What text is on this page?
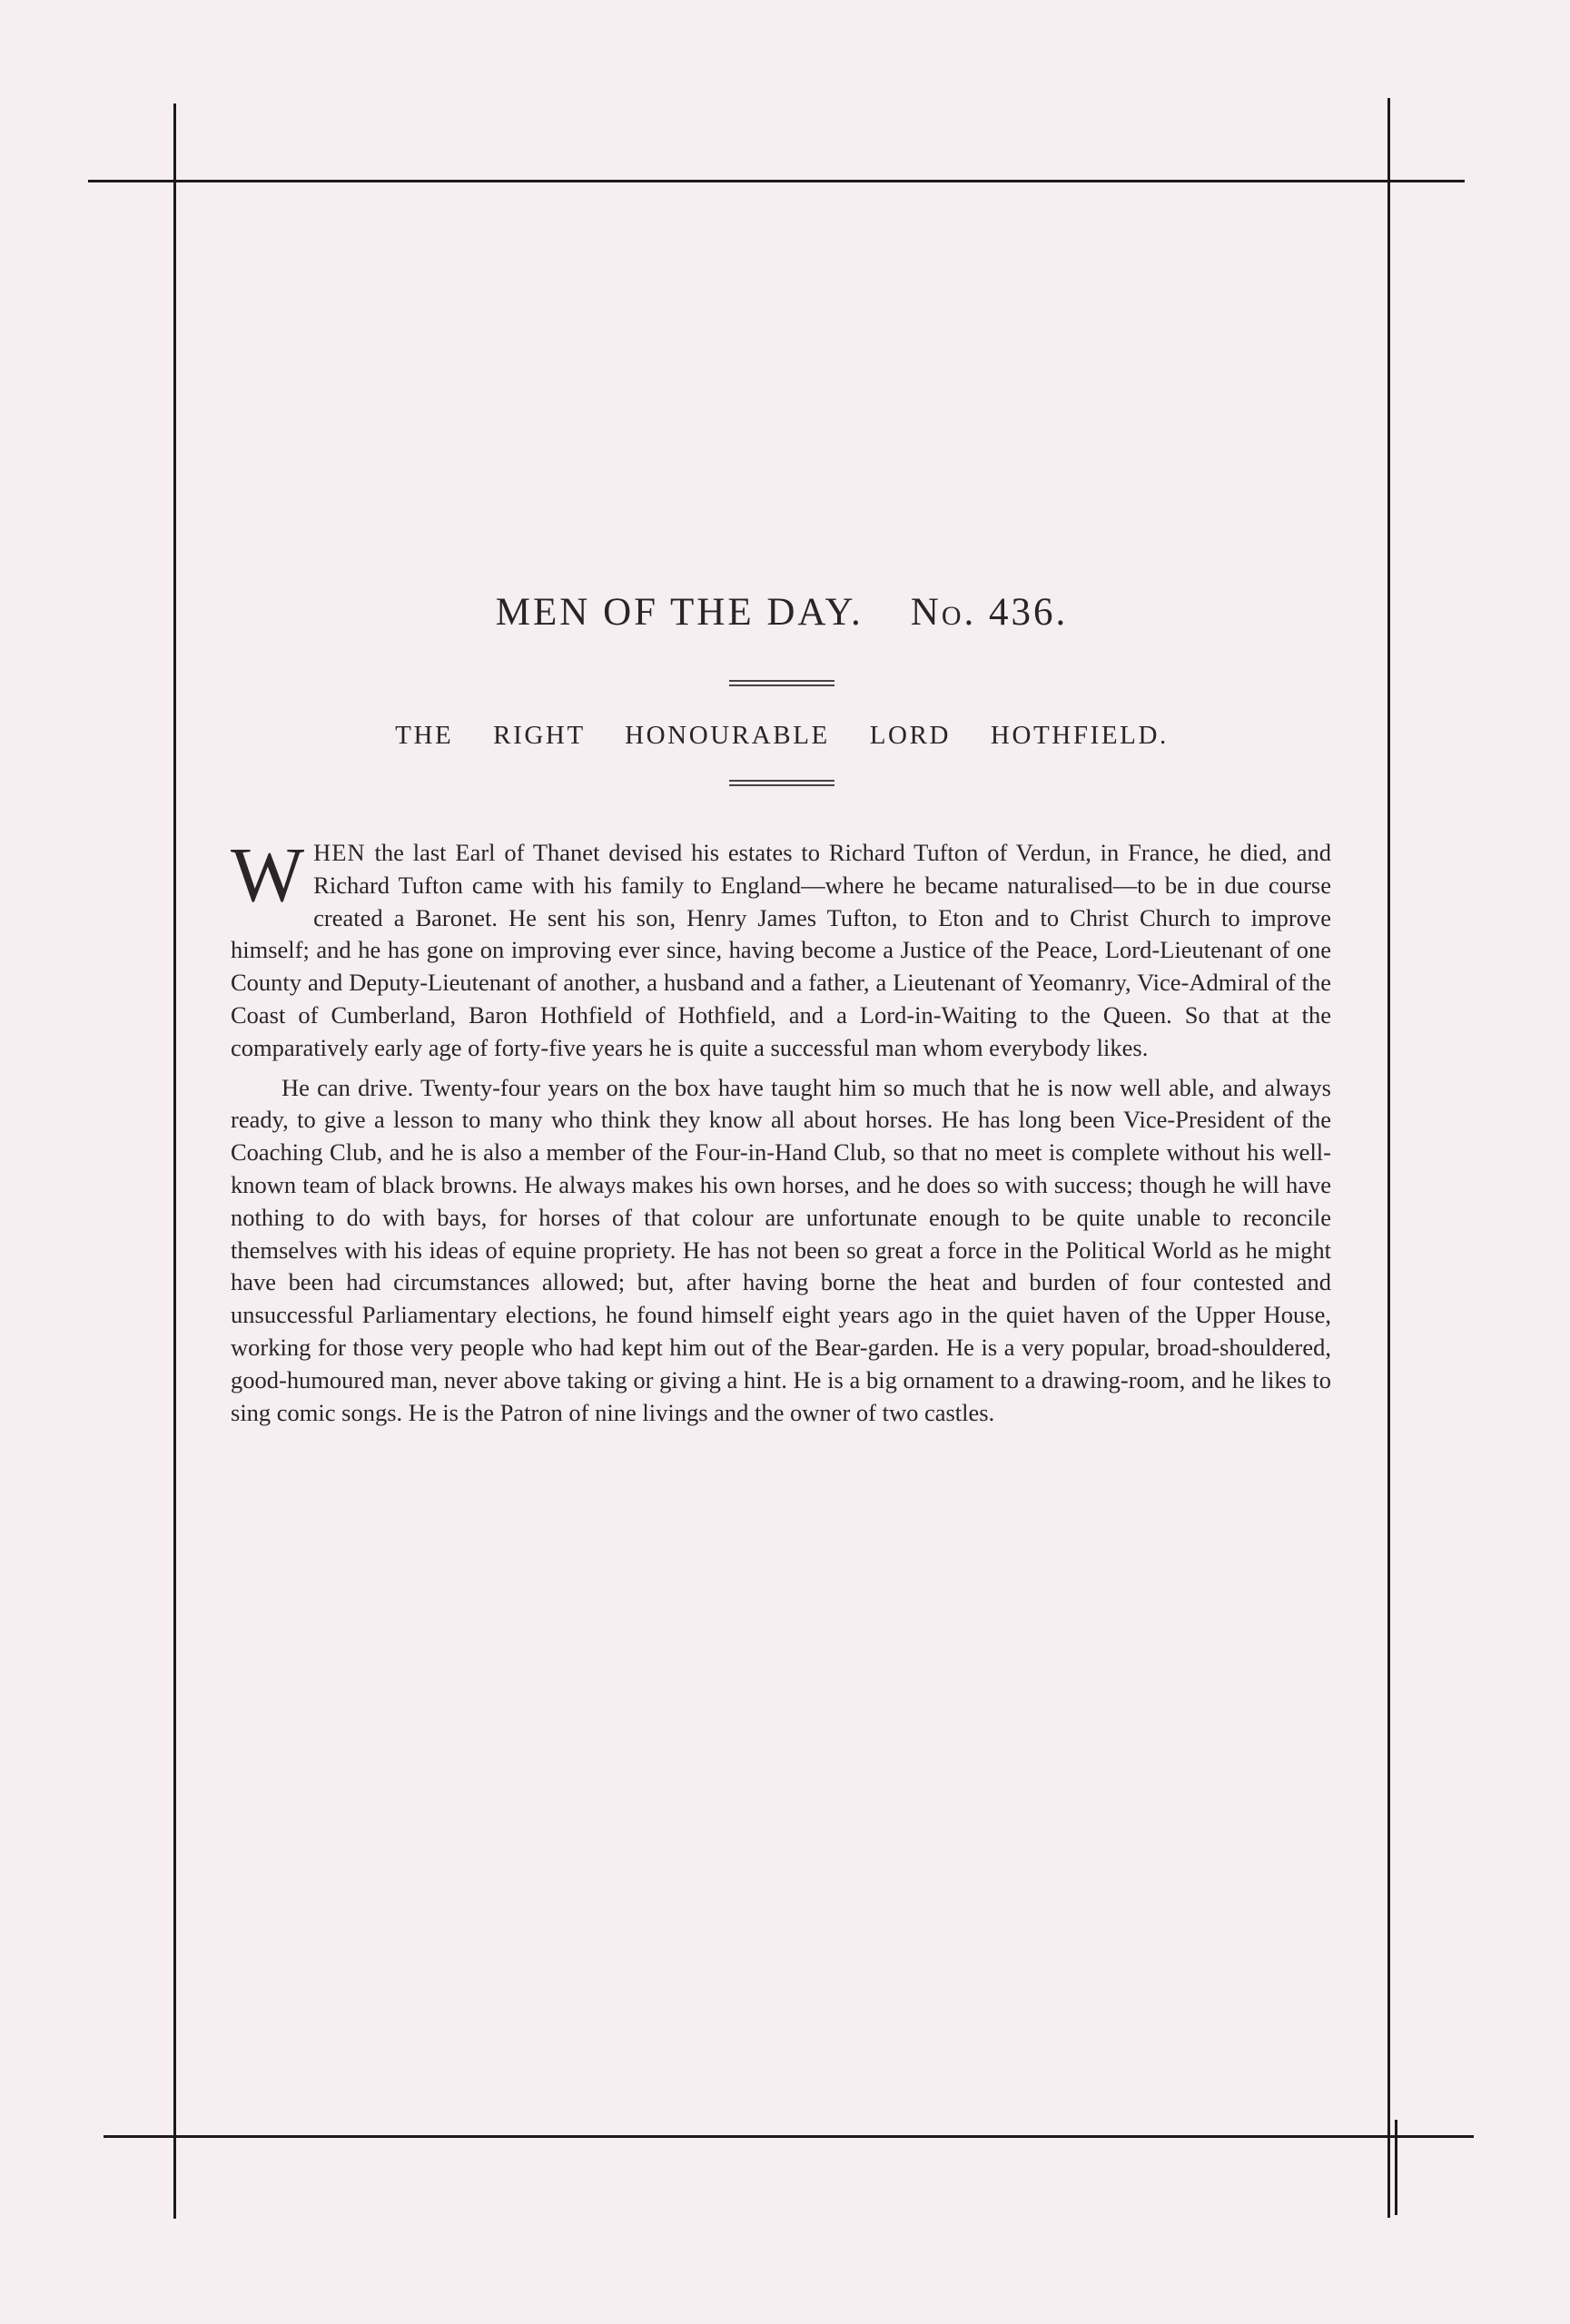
MEN OF THE DAY. No. 436.
THE RIGHT HONOURABLE LORD HOTHFIELD.

WHEN the last Earl of Thanet devised his estates to Richard Tufton of Verdun, in France, he died, and Richard Tufton came with his family to England—where he became naturalised—to be in due course created a Baronet. He sent his son, Henry James Tufton, to Eton and to Christ Church to improve himself; and he has gone on improving ever since, having become a Justice of the Peace, Lord-Lieutenant of one County and Deputy-Lieutenant of another, a husband and a father, a Lieutenant of Yeomanry, Vice-Admiral of the Coast of Cumberland, Baron Hothfield of Hothfield, and a Lord-in-Waiting to the Queen. So that at the comparatively early age of forty-five years he is quite a successful man whom everybody likes.

He can drive. Twenty-four years on the box have taught him so much that he is now well able, and always ready, to give a lesson to many who think they know all about horses. He has long been Vice-President of the Coaching Club, and he is also a member of the Four-in-Hand Club, so that no meet is complete without his well-known team of black browns. He always makes his own horses, and he does so with success; though he will have nothing to do with bays, for horses of that colour are unfortunate enough to be quite unable to reconcile themselves with his ideas of equine propriety. He has not been so great a force in the Political World as he might have been had circumstances allowed; but, after having borne the heat and burden of four contested and unsuccessful Parliamentary elections, he found himself eight years ago in the quiet haven of the Upper House, working for those very people who had kept him out of the Bear-garden. He is a very popular, broad-shouldered, good-humoured man, never above taking or giving a hint. He is a big ornament to a drawing-room, and he likes to sing comic songs. He is the Patron of nine livings and the owner of two castles.
